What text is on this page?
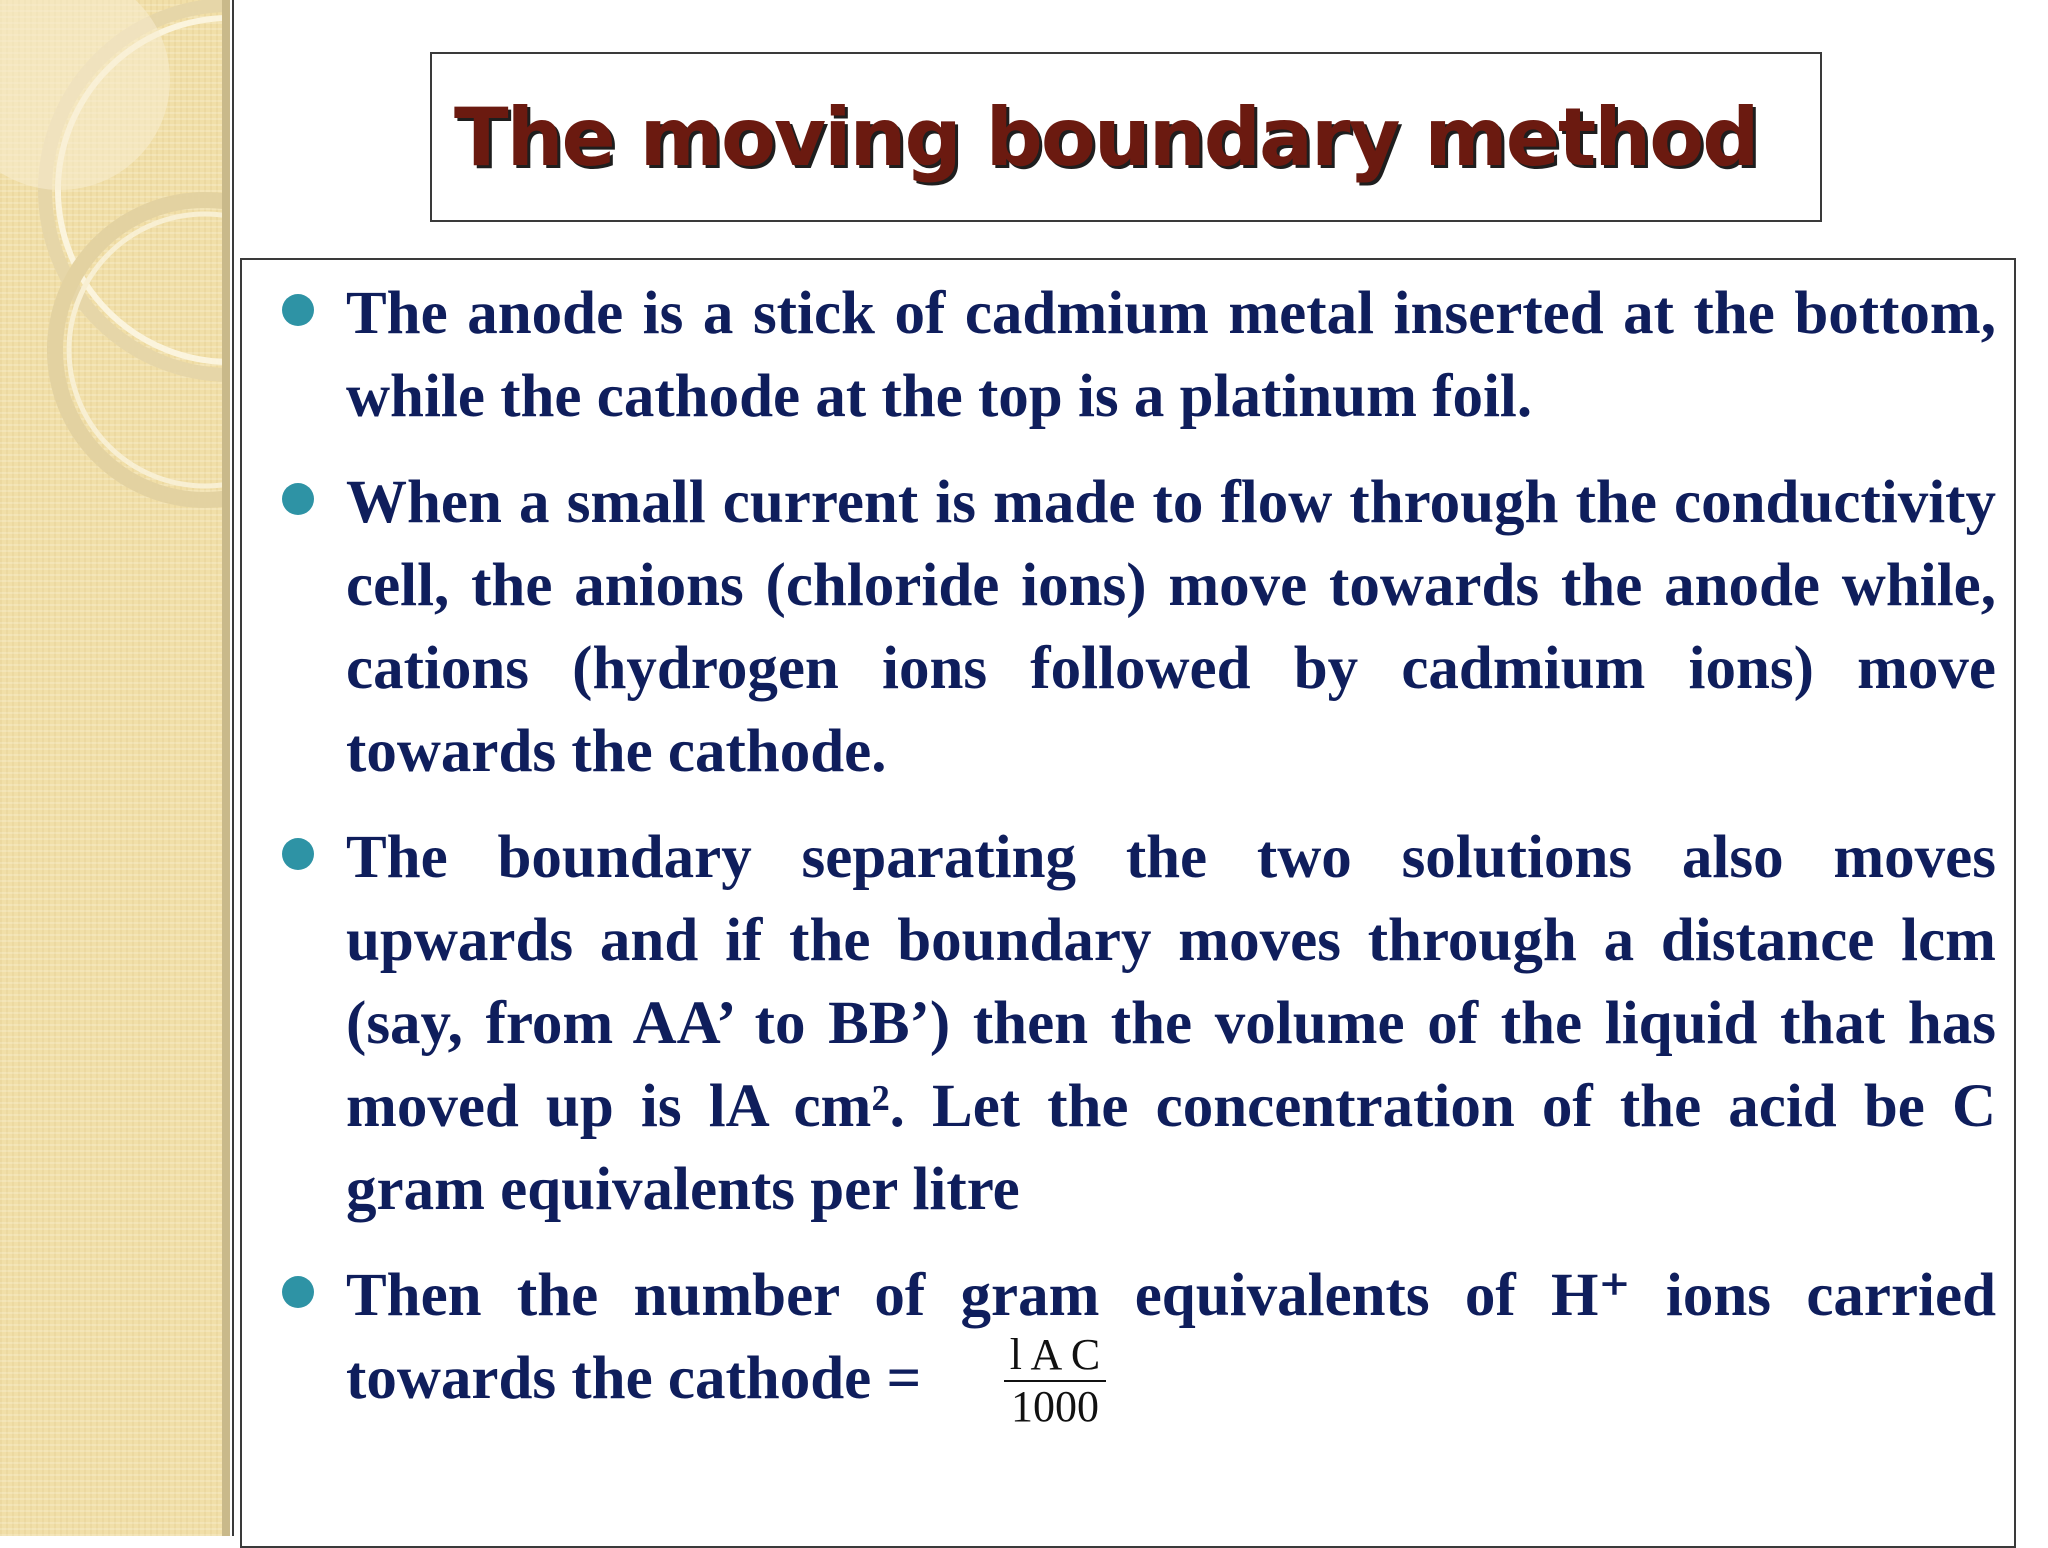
The moving boundary method
The anode is a stick of cadmium metal inserted at the bottom, while the cathode at the top is a platinum foil.
When a small current is made to flow through the conductivity cell, the anions (chloride ions) move towards the anode while, cations (hydrogen ions followed by cadmium ions) move towards the cathode.
The boundary separating the two solutions also moves upwards and if the boundary moves through a distance lcm (say, from AA’ to BB’) then the volume of the liquid that has moved up is lA cm². Let the concentration of the acid be C gram equivalents per litre
Then the number of gram equivalents of H⁺ ions carried towards the cathode =	l A C
1000
